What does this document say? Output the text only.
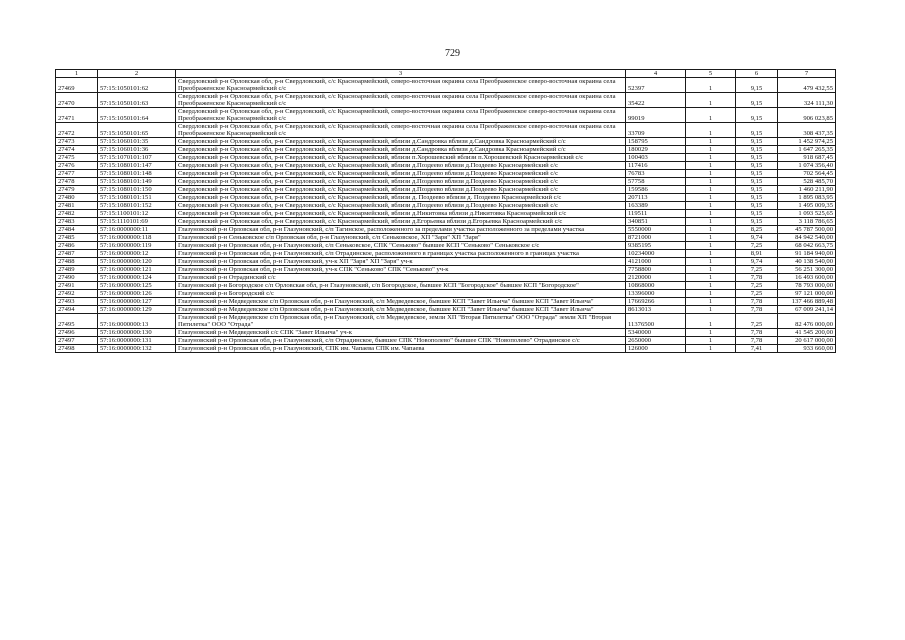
729
1	2	3	4	5	6	7
27469	57:15:1050101:62	Свердловский р-н Орловская обл, р-н Свердловский, с/с Красноармейский, северо-восточная окраина села Преображенское северо-восточная окраина села Преображенское Красноармейский с/с	52397	1	9,15	479 432,55
27470	57:15:1050101:63	Свердловский р-н Орловская обл, р-н Свердловский, с/с Красноармейский, северо-восточная окраина села Преображенское северо-восточная окраина села Преображенское Красноармейский с/с	35422	1	9,15	324 111,30
27471	57:15:1050101:64	Свердловский р-н Орловская обл, р-н Свердловский, с/с Красноармейский, северо-восточная окраина села Преображенское северо-восточная окраина села Преображенское Красноармейский с/с	99019	1	9,15	906 023,85
27472	57:15:1050101:65	Свердловский р-н Орловская обл, р-н Свердловский, с/с Красноармейский, северо-восточная окраина села Преображенское северо-восточная окраина села Преображенское Красноармейский с/с	33709	1	9,15	308 437,35
27473	57:15:1060101:35	Свердловский р-н Орловская обл, р-н Свердловский, с/с Красноармейский, вблизи д.Сандровка вблизи д.Сандровка Красноармейский с/с	158795	1	9,15	1 452 974,25
27474	57:15:1060101:36	Свердловский р-н Орловская обл, р-н Свердловский, с/с Красноармейский, вблизи д.Сандровка вблизи д.Сандровка Красноармейский с/с	180029	1	9,15	1 647 265,35
27475	57:15:1070101:107	Свердловский р-н Орловская обл, р-н Свердловский, с/с Красноармейский, вблизи п.Хорошевский вблизи п.Хорошевский Красноармейский с/с	100403	1	9,15	918 687,45
27476	57:15:1080101:147	Свердловский р-н Орловская обл, р-н Свердловский, с/с Красноармейский, вблизи д.Поздеево вблизи д.Поздеево Красноармейский с/с	117416	1	9,15	1 074 356,40
27477	57:15:1080101:148	Свердловский р-н Орловская обл, р-н Свердловский, с/с Красноармейский, вблизи д.Поздеево вблизи д.Поздеево Красноармейский с/с	76783	1	9,15	702 564,45
27478	57:15:1080101:149	Свердловский р-н Орловская обл, р-н Свердловский, с/с Красноармейский, вблизи д.Поздеево вблизи д.Поздеево Красноармейский с/с	57758	1	9,15	528 485,70
27479	57:15:1080101:150	Свердловский р-н Орловская обл, р-н Свердловский, с/с Красноармейский, вблизи д.Поздеево вблизи д.Поздеево Красноармейский с/с	159586	1	9,15	1 460 211,90
27480	57:15:1080101:151	Свердловский р-н Орловская обл, р-н Свердловский, с/с Красноармейский, вблизи д. Поздеево вблизи д. Поздеево Красноармейский с/с	207113	1	9,15	1 895 083,95
27481	57:15:1080101:152	Свердловский р-н Орловская обл, р-н Свердловский, с/с Красноармейский, вблизи д.Поздеево вблизи д.Поздеево Красноармейский с/с	163389	1	9,15	1 495 009,35
27482	57:15:1100101:12	Свердловский р-н Орловская обл, р-н Свердловский, с/с Красноармейский, вблизи д.Никитовка вблизи д.Никитовка Красноармейский с/с	119511	1	9,15	1 093 525,65
27483	57:15:1110101:69	Свердловский р-н Орловская обл, р-н Свердловский, с/с Красноармейский, вблизи д.Егорьевка вблизи д.Егорьевка Красноармейский с/с	340851	1	9,15	3 118 786,65
27484	57:16:0000000:11	Глазуновский р-н Орловская обл, р-н Глазуновский, с/п Тагинское, расположенного за пределами участка расположенного за пределами участка	5550000	1	8,25	45 787 500,00
27485	57:16:0000000:118	Глазуновский р-н Сеньковское с/п Орловская обл, р-н Глазуновский, с/п Сеньковское, ХП "Заря" ХП "Заря"	8721000	1	9,74	84 942 540,00
27486	57:16:0000000:119	Глазуновский р-н Орловская обл, р-н Глазуновский, с/п Сеньковское, СПК "Сеньково" бывшее КСП "Сеньково" Сеньковское с/с	9385195	1	7,25	68 042 663,75
27487	57:16:0000000:12	Глазуновский р-н Орловская обл, р-н Глазуновский, с/п Отрадинское, расположенного в границах участка расположенного в границах участка	10234000	1	8,91	91 184 940,00
27488	57:16:0000000:120	Глазуновский р-н Орловская обл, р-н Глазуновский, уч-к ХП "Заря" ХП "Заря" уч-к	4121000	1	9,74	40 138 540,00
27489	57:16:0000000:121	Глазуновский р-н Орловская обл, р-н Глазуновский, уч-к СПК "Сеньково" СПК "Сеньково" уч-к	7758800	1	7,25	56 251 300,00
27490	57:16:0000000:124	Глазуновский р-н Отрадинский с/с	2120000	1	7,78	16 493 600,00
27491	57:16:0000000:125	Глазуновский р-н Богородское с/п Орловская обл, р-н Глазуновский, с/п Богородское, бывшее КСП "Богородское" бывшее КСП "Богородское"	10868000	1	7,25	78 793 000,00
27492	57:16:0000000:126	Глазуновский р-н Богородский с/с	13396000	1	7,25	97 121 000,00
27493	57:16:0000000:127	Глазуновский р-н Медведевское с/п Орловская обл, р-н Глазуновский, с/п Медведевское, бывшее КСП "Завет Ильича" бывшее КСП "Завет Ильича"	17669266	1	7,78	137 466 889,48
27494	57:16:0000000:129	Глазуновский р-н Медведевское с/п Орловская обл, р-н Глазуновский, с/п Медведевское, бывшее КСП "Завет Ильича" бывшее КСП "Завет Ильича"	8613013	1	7,78	67 009 241,14
27495	57:16:0000000:13	Глазуновский р-н Медведевское с/п Орловская обл, р-н Глазуновский, с/п Медведевское, земли ХП "Вторая Пятилетка" ООО "Отрада" земли ХП "Вторая Пятилетка" ООО "Отрада"	11376500	1	7,25	82 476 000,00
27496	57:16:0000000:130	Глазуновский р-н Медведевский с/с СПК "Завет Ильича" уч-к	5340000	1	7,78	41 545 200,00
27497	57:16:0000000:131	Глазуновский р-н Орловская обл, р-н Глазуновский, с/п Отрадинское, бывшее СПК "Новополево" бывшее СПК "Новополево" Отрадинское с/с	2650000	1	7,78	20 617 000,00
27498	57:16:0000000:132	Глазуновский р-н Орловская обл, р-н Глазуновский, СПК им. Чапаева СПК им. Чапаева	126000	1	7,41	933 660,00
